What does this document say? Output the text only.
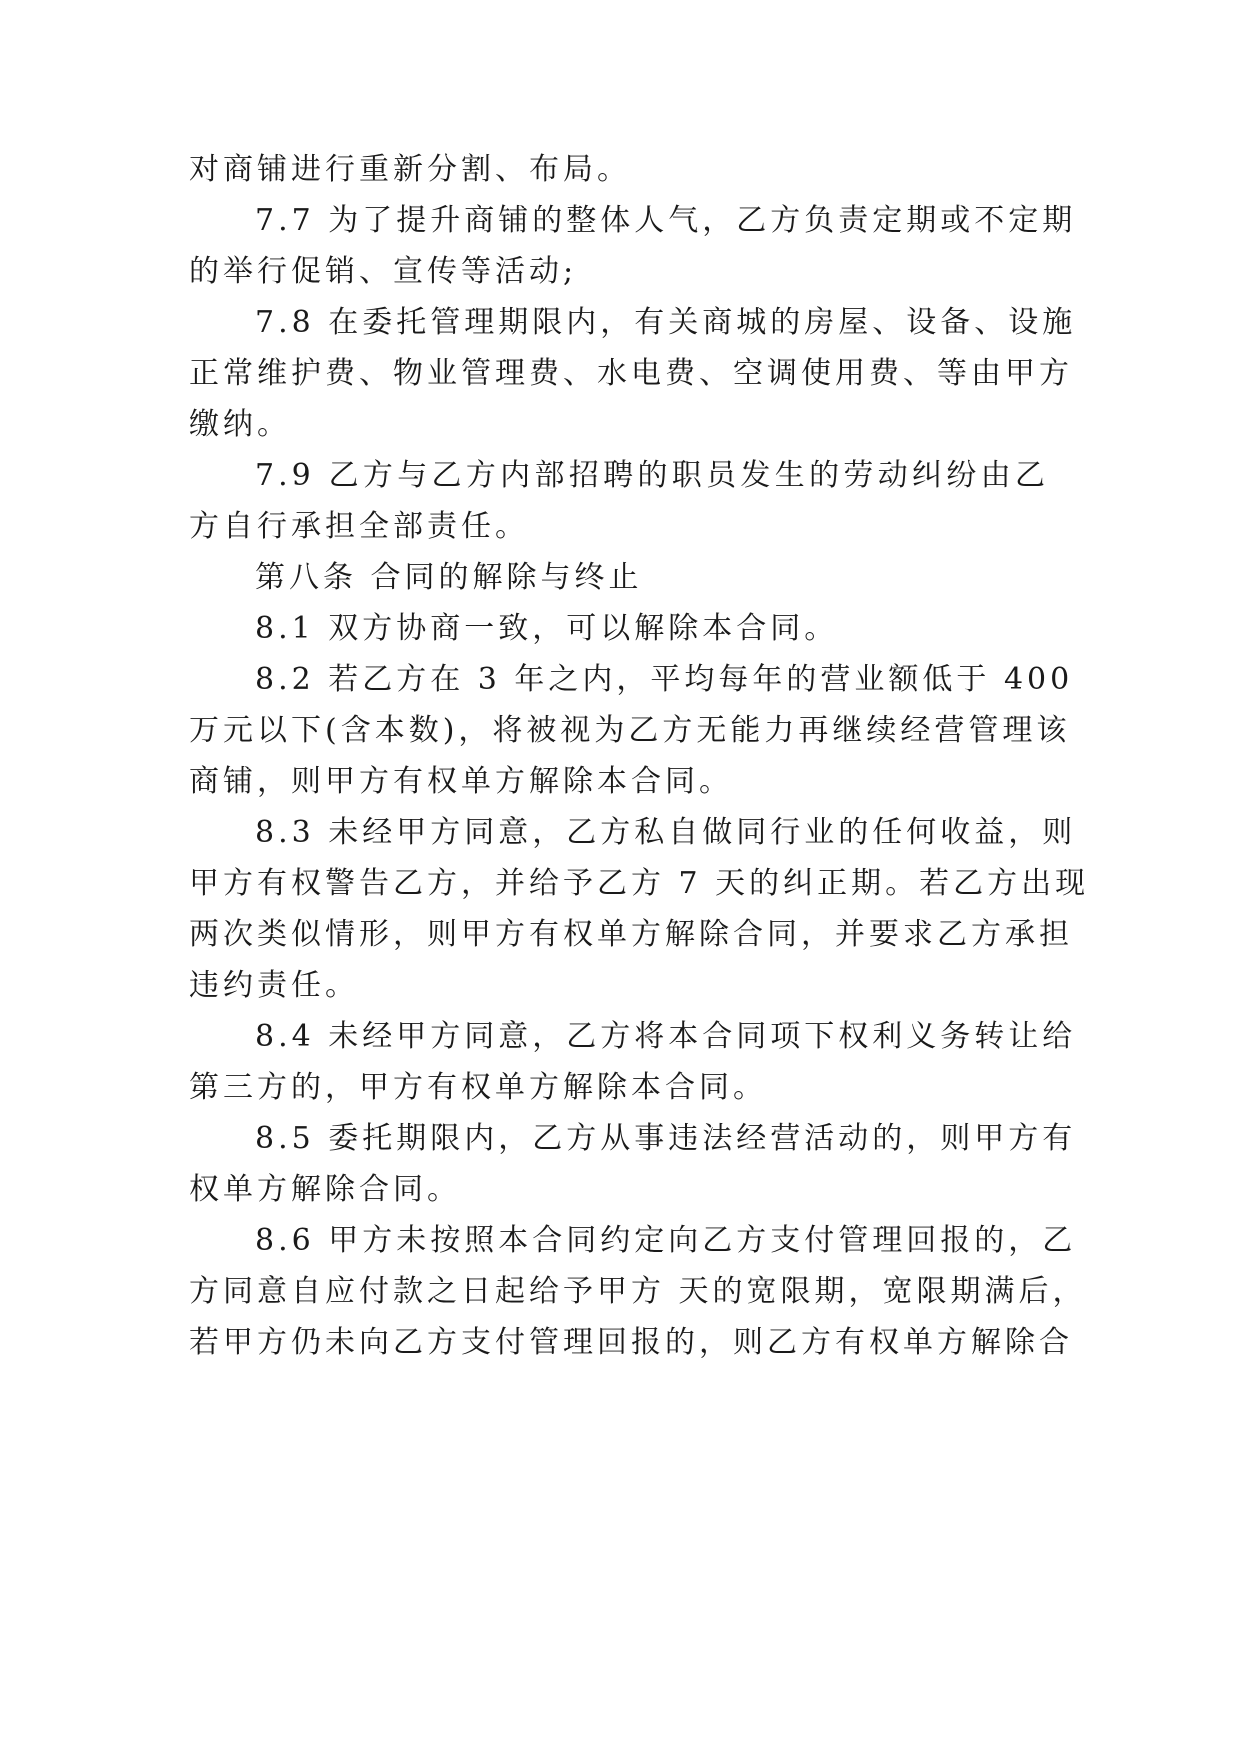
对商铺进行重新分割、布局。
7.7 为了提升商铺的整体人气，乙方负责定期或不定期
的举行促销、宣传等活动;
7.8 在委托管理期限内，有关商城的房屋、设备、设施
正常维护费、物业管理费、水电费、空调使用费、等由甲方
缴纳。
7.9 乙方与乙方内部招聘的职员发生的劳动纠纷由乙
方自行承担全部责任。
第八条 合同的解除与终止
8.1 双方协商一致，可以解除本合同。
8.2 若乙方在 3 年之内，平均每年的营业额低于 400
万元以下(含本数)，将被视为乙方无能力再继续经营管理该
商铺，则甲方有权单方解除本合同。
8.3 未经甲方同意，乙方私自做同行业的任何收益，则
甲方有权警告乙方，并给予乙方 7 天的纠正期。若乙方出现
两次类似情形，则甲方有权单方解除合同，并要求乙方承担
违约责任。
8.4 未经甲方同意，乙方将本合同项下权利义务转让给
第三方的，甲方有权单方解除本合同。
8.5 委托期限内，乙方从事违法经营活动的，则甲方有
权单方解除合同。
8.6 甲方未按照本合同约定向乙方支付管理回报的，乙
方同意自应付款之日起给予甲方 天的宽限期，宽限期满后，
若甲方仍未向乙方支付管理回报的，则乙方有权单方解除合
